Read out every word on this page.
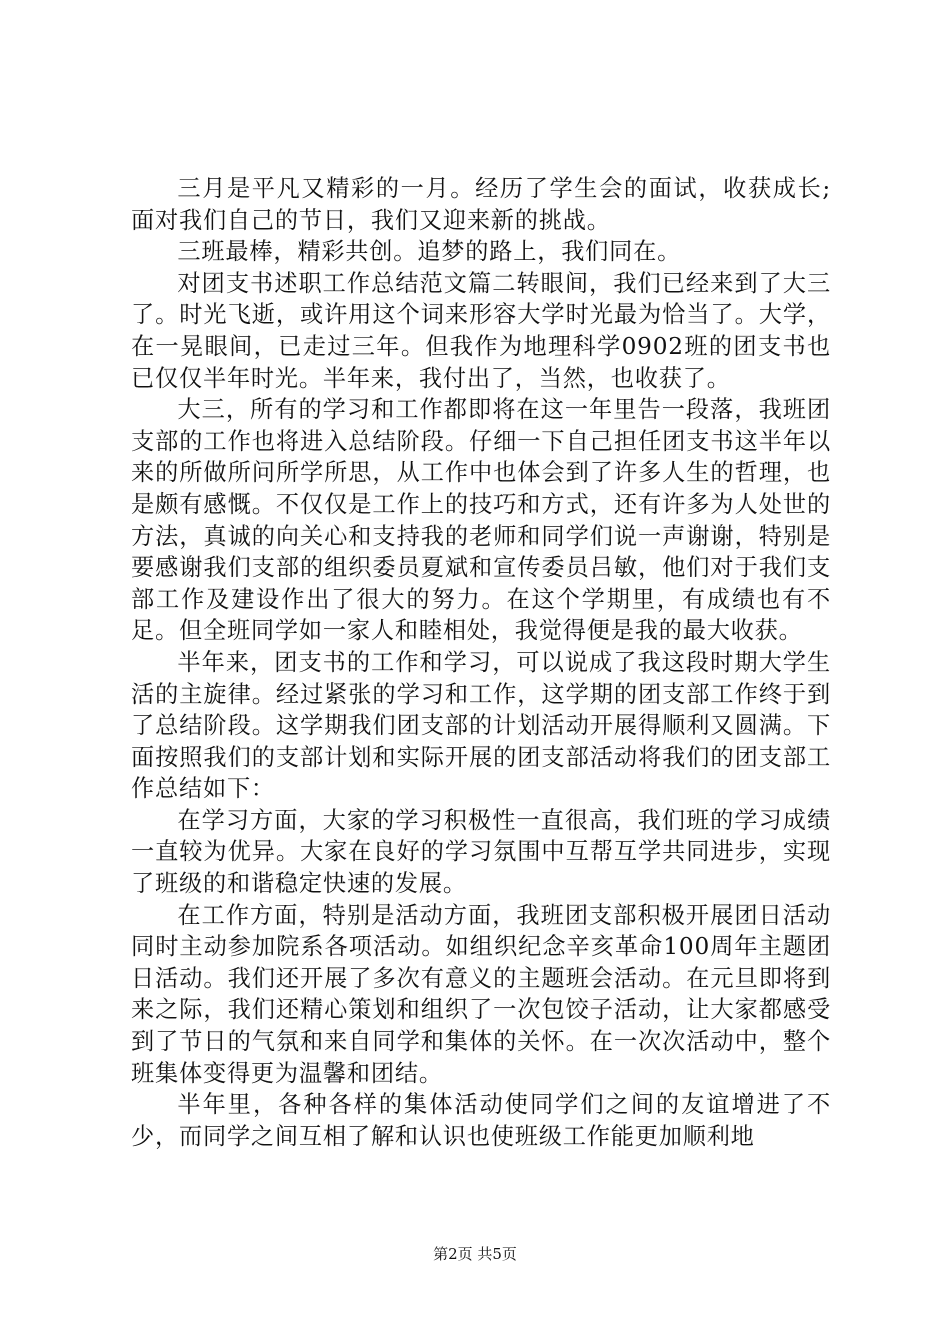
三月是平凡又精彩的一月。经历了学生会的面试，收获成长;面对我们自己的节日，我们又迎来新的挑战。

三班最棒，精彩共创。追梦的路上，我们同在。

对团支书述职工作总结范文篇二转眼间，我们已经来到了大三了。时光飞逝，或许用这个词来形容大学时光最为恰当了。大学，在一晃眼间，已走过三年。但我作为地理科学0902班的团支书也已仅仅半年时光。半年来，我付出了，当然，也收获了。

大三，所有的学习和工作都即将在这一年里告一段落，我班团支部的工作也将进入总结阶段。仔细一下自己担任团支书这半年以来的所做所问所学所思，从工作中也体会到了许多人生的哲理，也是颇有感慨。不仅仅是工作上的技巧和方式，还有许多为人处世的方法，真诚的向关心和支持我的老师和同学们说一声谢谢，特别是要感谢我们支部的组织委员夏斌和宣传委员吕敏，他们对于我们支部工作及建设作出了很大的努力。在这个学期里，有成绩也有不足。但全班同学如一家人和睦相处，我觉得便是我的最大收获。

半年来，团支书的工作和学习，可以说成了我这段时期大学生活的主旋律。经过紧张的学习和工作，这学期的团支部工作终于到了总结阶段。这学期我们团支部的计划活动开展得顺利又圆满。下面按照我们的支部计划和实际开展的团支部活动将我们的团支部工作总结如下：

在学习方面，大家的学习积极性一直很高，我们班的学习成绩一直较为优异。大家在良好的学习氛围中互帮互学共同进步，实现了班级的和谐稳定快速的发展。

在工作方面，特别是活动方面，我班团支部积极开展团日活动同时主动参加院系各项活动。如组织纪念辛亥革命100周年主题团日活动。我们还开展了多次有意义的主题班会活动。在元旦即将到来之际，我们还精心策划和组织了一次包饺子活动，让大家都感受到了节日的气氛和来自同学和集体的关怀。在一次次活动中，整个班集体变得更为温馨和团结。

半年里，各种各样的集体活动使同学们之间的友谊增进了不少，而同学之间互相了解和认识也使班级工作能更加顺利地

第2页 共5页
